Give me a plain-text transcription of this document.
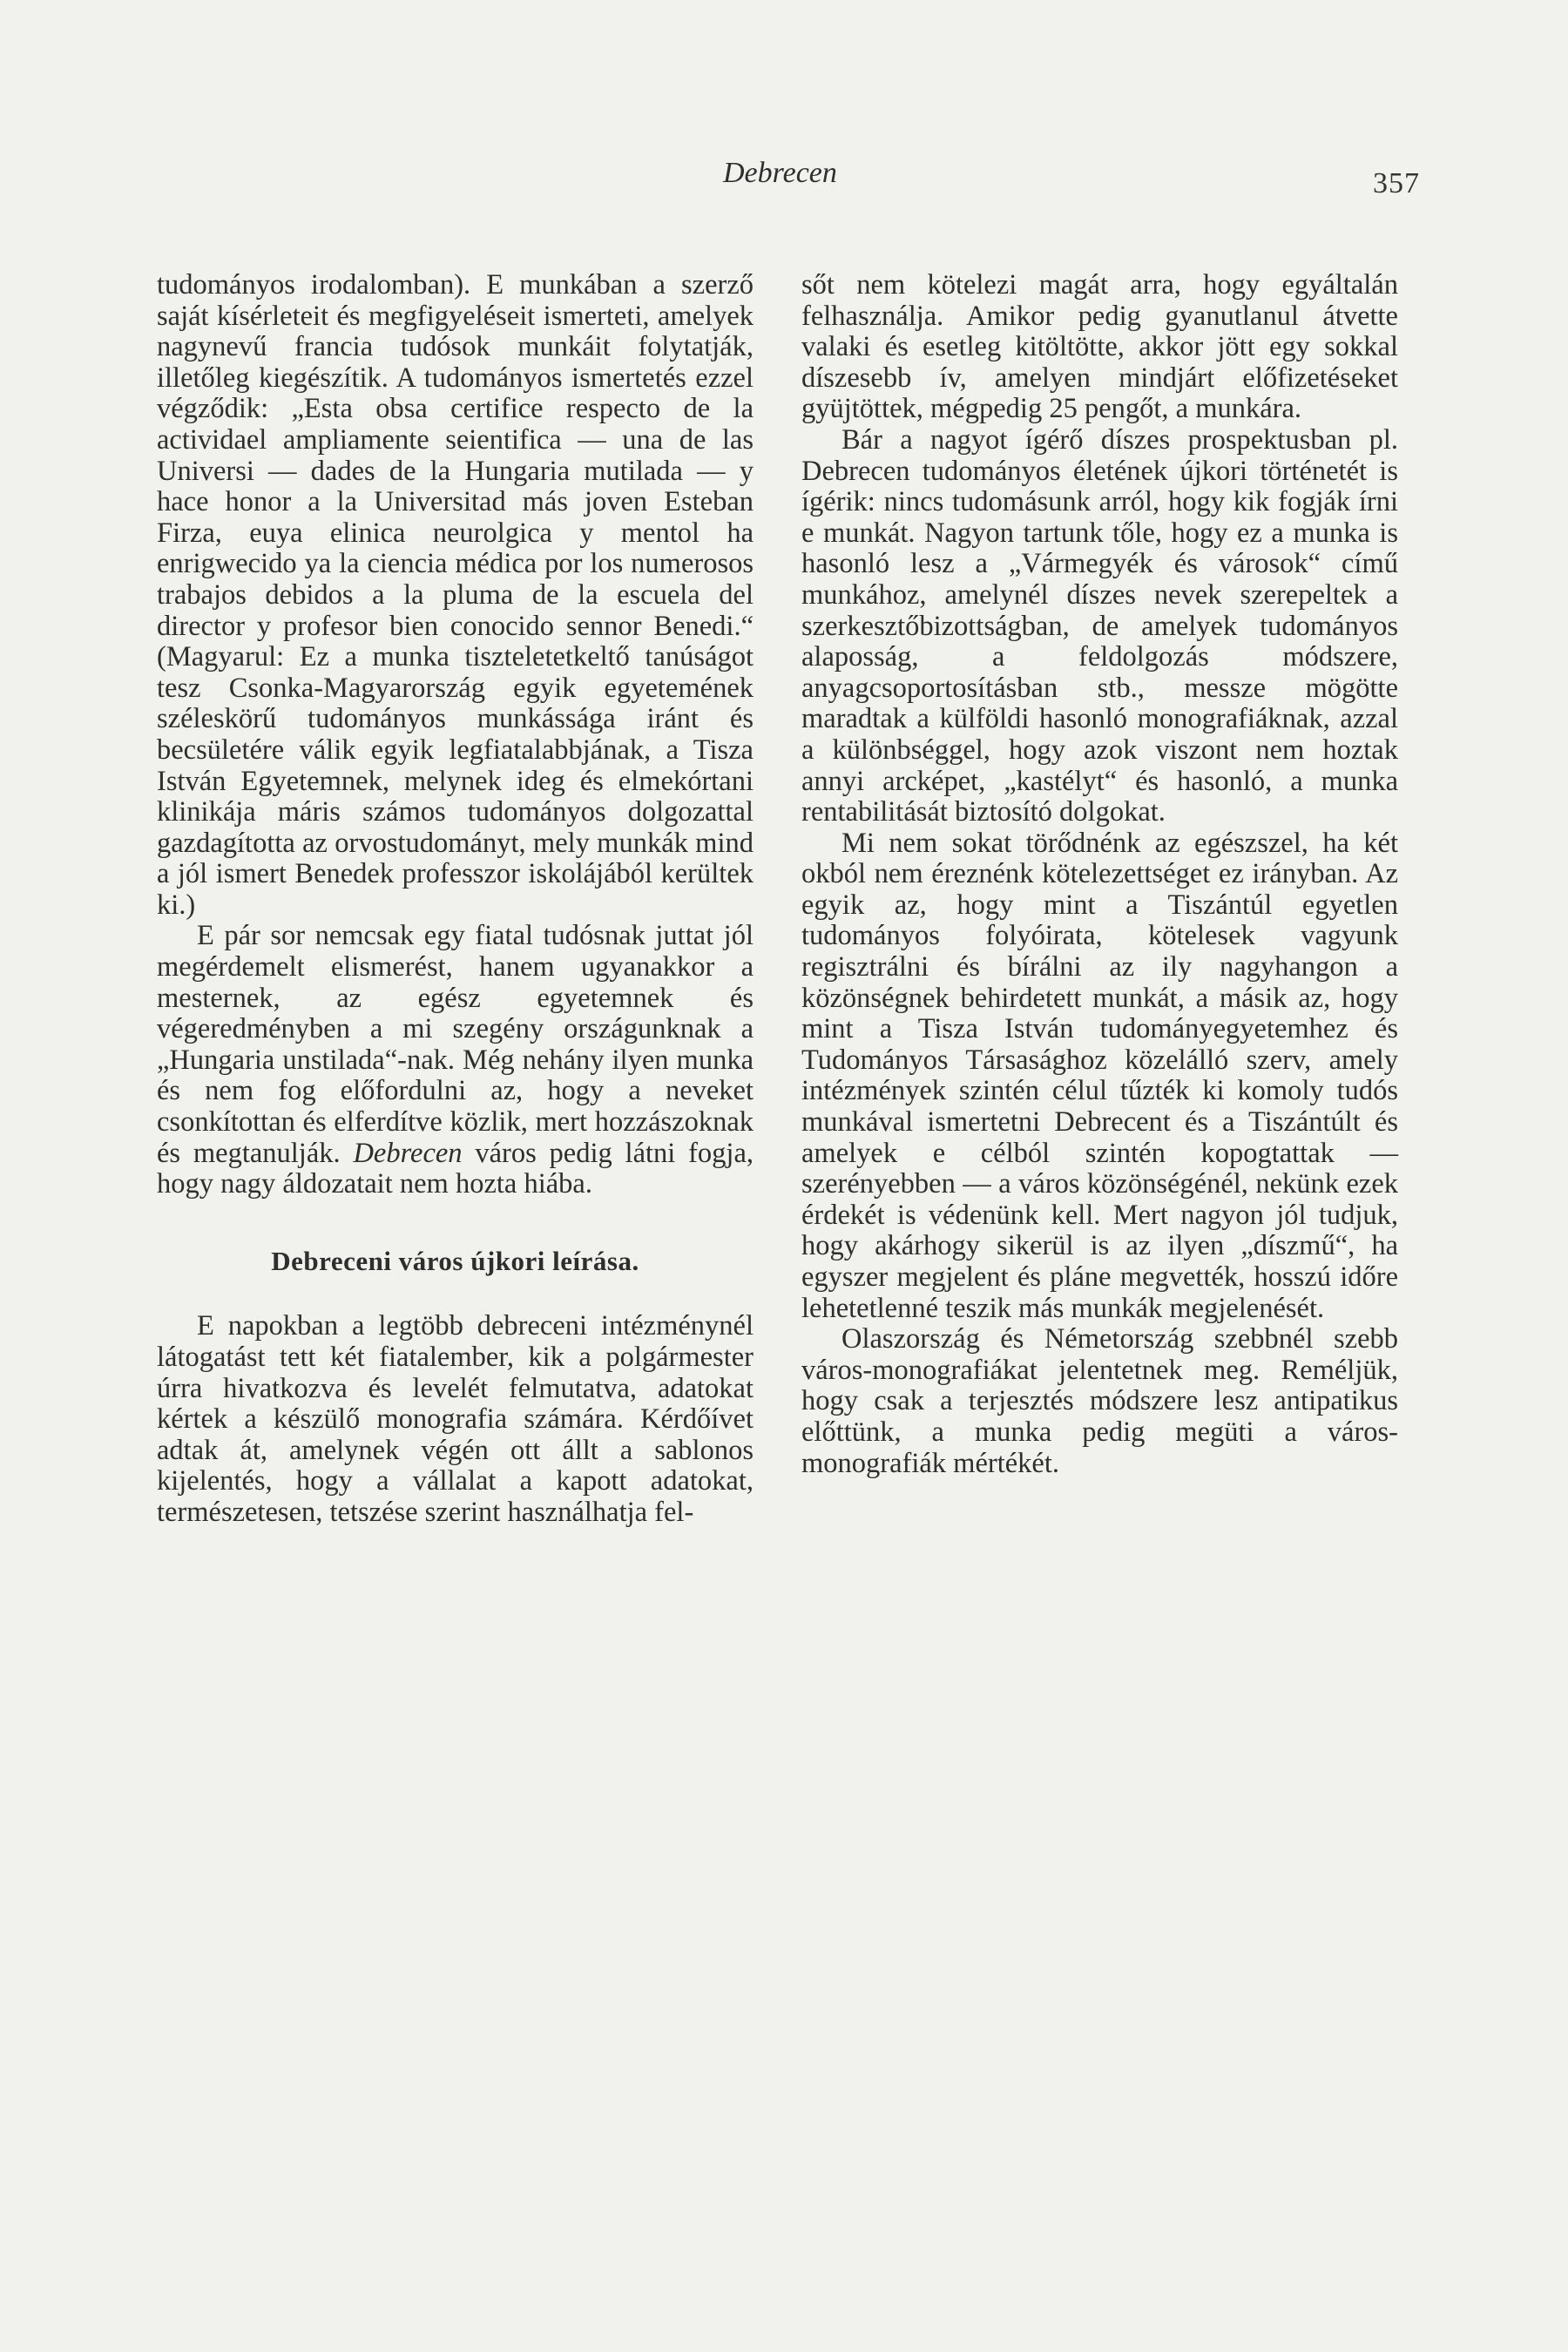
Debrecen	357

tudományos irodalomban). E munkában a szerző saját kísérleteit és megfigyeléseit ismerteti, amelyek nagynevű francia tudósok munkáit folytatják, illetőleg kiegészítik. A tudományos ismertetés ezzel végződik: „Esta obsa certifice respecto de la actividael ampliamente seientifica — una de las Universi — dades de la Hungaria mutilada — y hace honor a la Universitad más joven Esteban Firza, euya elinica neurolgica y mentol ha enrigwecido ya la ciencia médica por los numerosos trabajos debidos a la pluma de la escuela del director y profesor bien conocido sennor Benedi.“ (Magyarul: Ez a munka tiszteletetkeltő tanúságot tesz Csonka-Magyarország egyik egyetemének széleskörű tudományos munkássága iránt és becsületére válik egyik legfiatalabbjának, a Tisza István Egyetemnek, melynek ideg és elmekórtani klinikája máris számos tudományos dolgozattal gazdagította az orvostudományt, mely munkák mind a jól ismert Benedek professzor iskolájából kerültek ki.)

E pár sor nemcsak egy fiatal tudósnak juttat jól megérdemelt elismerést, hanem ugyanakkor a mesternek, az egész egyetemnek és végeredményben a mi szegény országunknak a „Hungaria unstilada“-nak. Még nehány ilyen munka és nem fog előfordulni az, hogy a neveket csonkítottan és elferdítve közlik, mert hozzászoknak és megtanulják. Debrecen város pedig látni fogja, hogy nagy áldozatait nem hozta hiába.

Debreceni város újkori leírása.

E napokban a legtöbb debreceni intézménynél látogatást tett két fiatalember, kik a polgármester úrra hivatkozva és levelét felmutatva, adatokat kértek a készülő monografia számára. Kérdőívet adtak át, amelynek végén ott állt a sablonos kijelentés, hogy a vállalat a kapott adatokat, természetesen, tetszése szerint használhatja fel-

sőt nem kötelezi magát arra, hogy egyáltalán felhasználja. Amikor pedig gyanutlanul átvette valaki és esetleg kitöltötte, akkor jött egy sokkal díszesebb ív, amelyen mindjárt előfizetéseket gyüjtöttek, mégpedig 25 pengőt, a munkára.

Bár a nagyot ígérő díszes prospektusban pl. Debrecen tudományos életének újkori történetét is ígérik: nincs tudomásunk arról, hogy kik fogják írni e munkát. Nagyon tartunk tőle, hogy ez a munka is hasonló lesz a „Vármegyék és városok“ című munkához, amelynél díszes nevek szerepeltek a szerkesztőbizottságban, de amelyek tudományos alaposság, a feldolgozás módszere, anyagcsoportosításban stb., messze mögötte maradtak a külföldi hasonló monografiáknak, azzal a különbséggel, hogy azok viszont nem hoztak annyi arcképet, „kastélyt“ és hasonló, a munka rentabilitását biztosító dolgokat.

Mi nem sokat törődnénk az egészszel, ha két okból nem éreznénk kötelezettséget ez irányban. Az egyik az, hogy mint a Tiszántúl egyetlen tudományos folyóirata, kötelesek vagyunk regisztrálni és bírálni az ily nagyhangon a közönségnek behirdetett munkát, a másik az, hogy mint a Tisza István tudományegyetemhez és Tudományos Társasághoz közelálló szerv, amely intézmények szintén célul tűzték ki komoly tudós munkával ismertetni Debrecent és a Tiszántúlt és amelyek e célból szintén kopogtattak — szerényebben — a város közönségénél, nekünk ezek érdekét is védenünk kell. Mert nagyon jól tudjuk, hogy akárhogy sikerül is az ilyen „díszmű“, ha egyszer megjelent és pláne megvették, hosszú időre lehetetlenné teszik más munkák megjelenését.

Olaszország és Németország szebbnél szebb város-monografiákat jelentetnek meg. Reméljük, hogy csak a terjesztés módszere lesz antipatikus előttünk, a munka pedig megüti a város-monografiák mértékét.
